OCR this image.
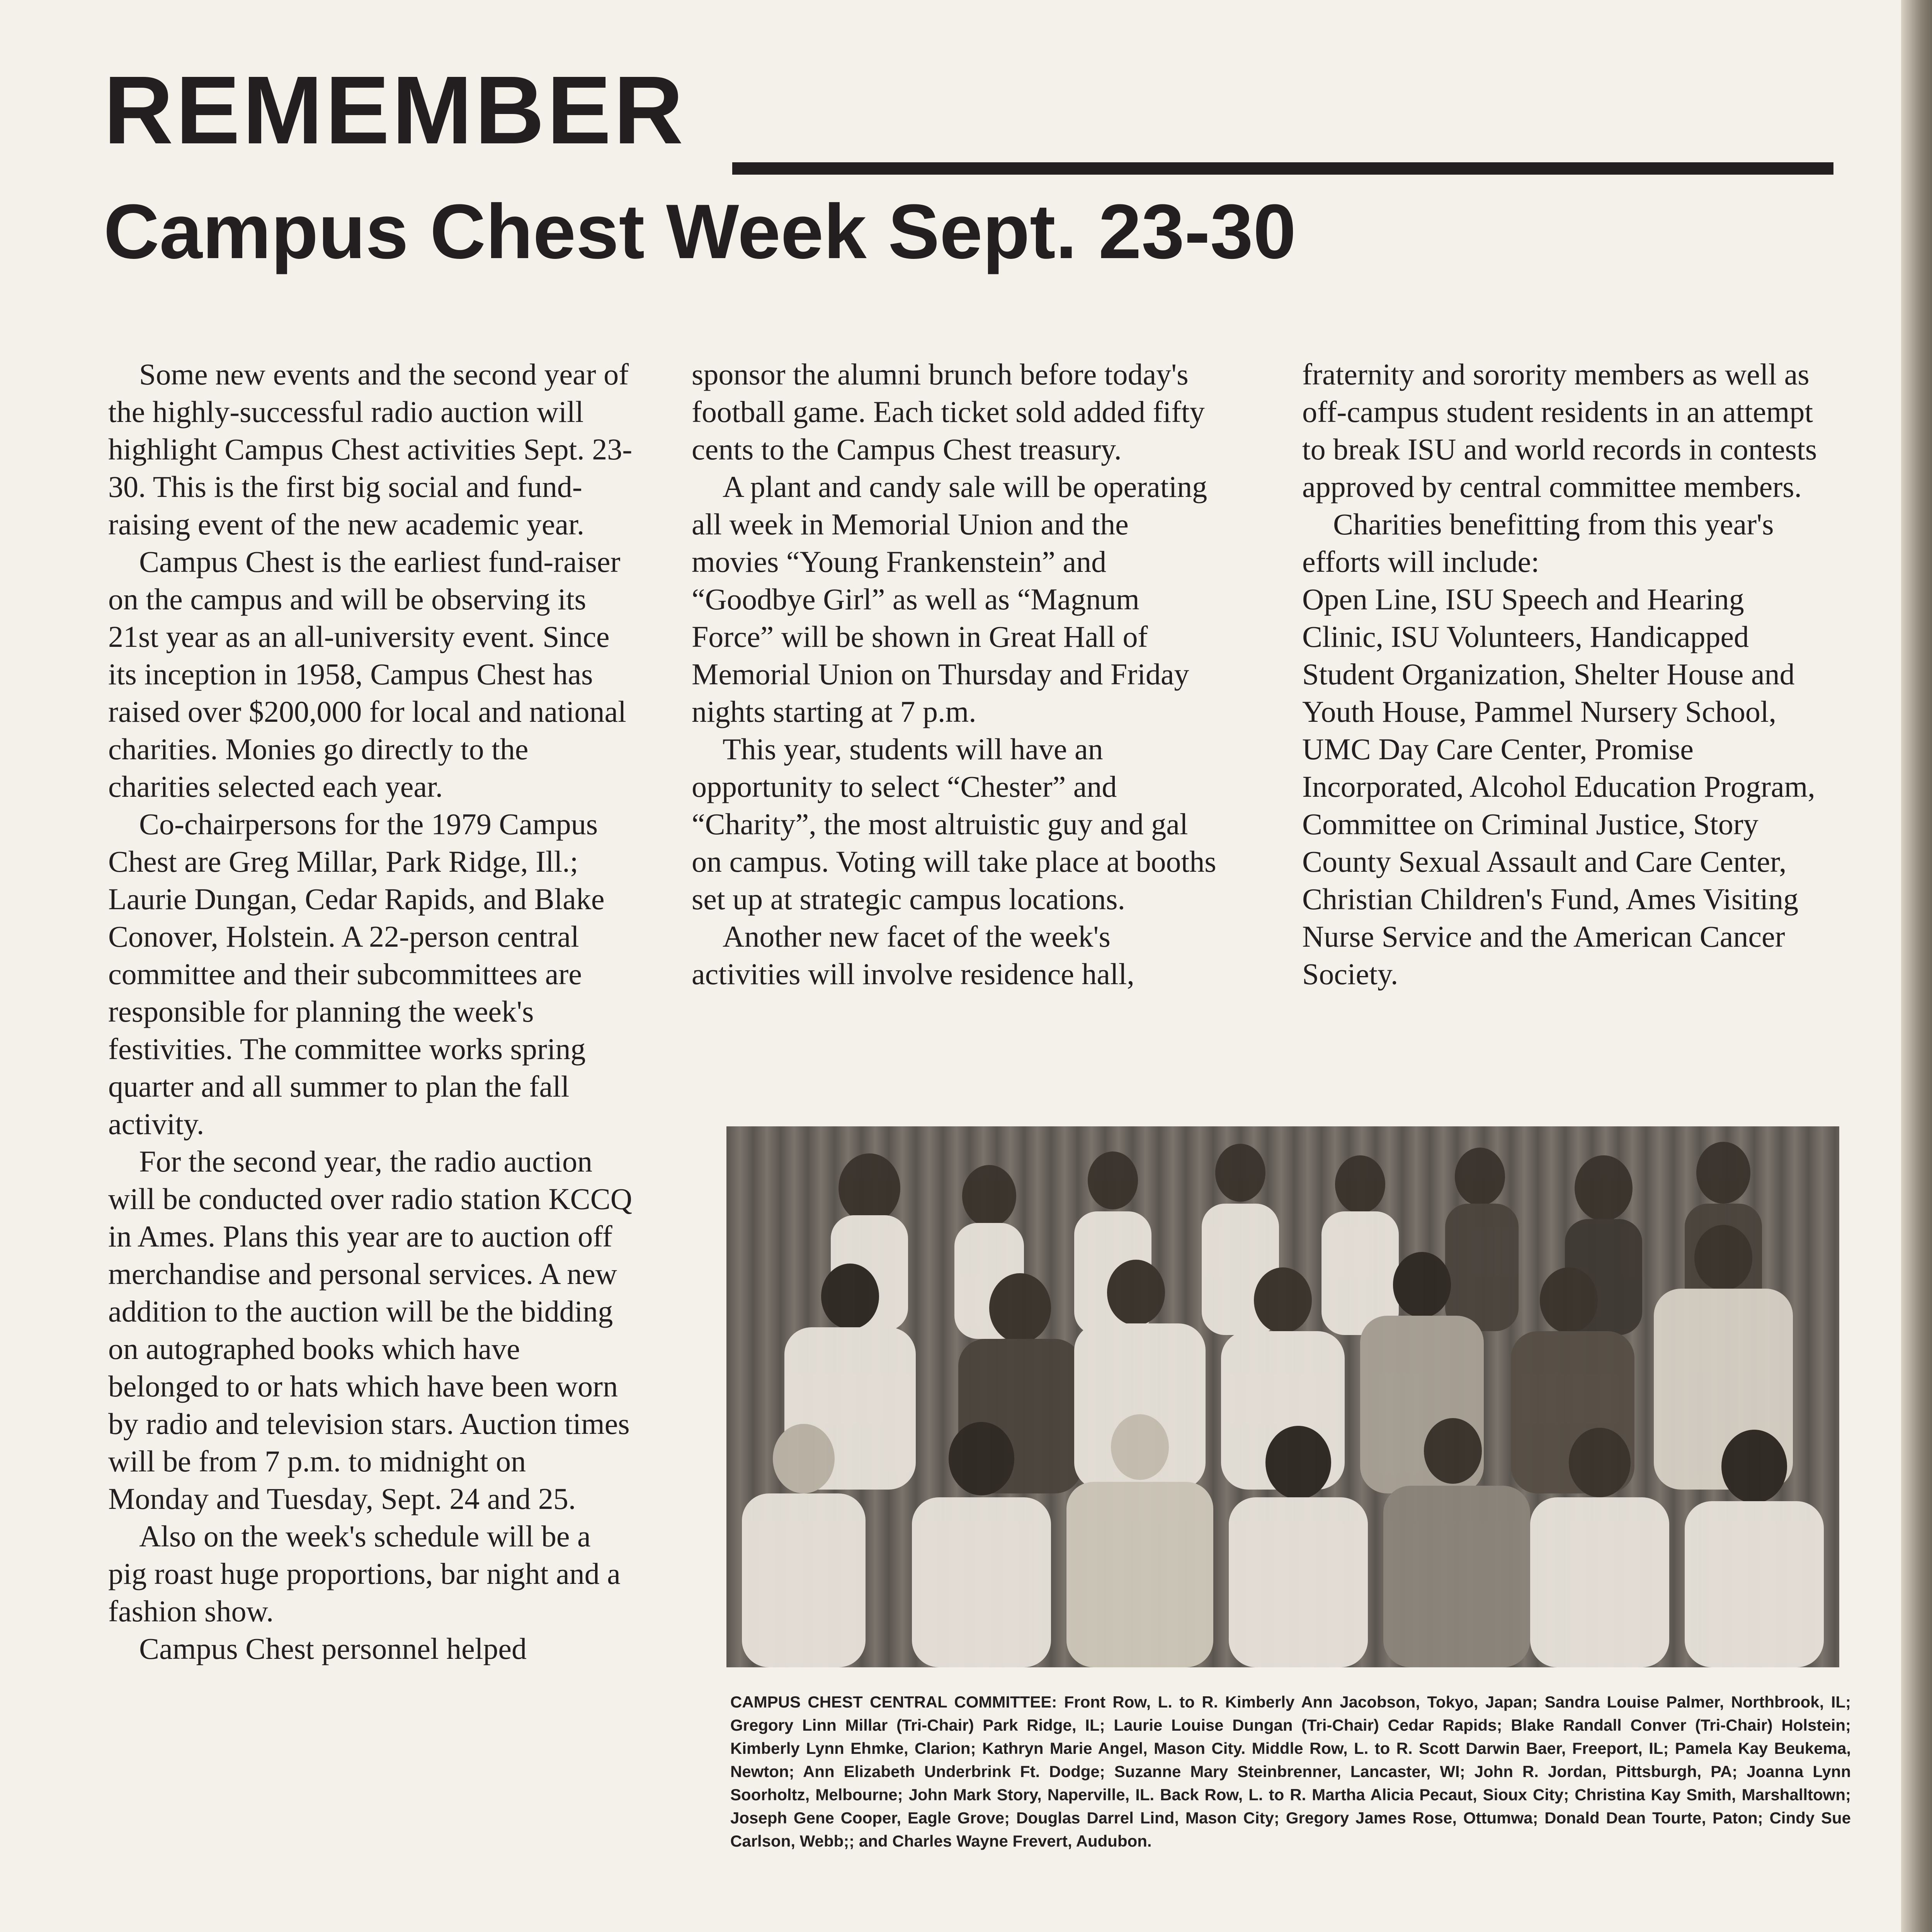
REMEMBER
Campus Chest Week Sept. 23-30

Some new events and the second year of the highly-successful radio auction will highlight Campus Chest activities Sept. 23-30. This is the first big social and fund-raising event of the new academic year.

Campus Chest is the earliest fund-raiser on the campus and will be observing its 21st year as an all-university event. Since its inception in 1958, Campus Chest has raised over $200,000 for local and national charities. Monies go directly to the charities selected each year.

Co-chairpersons for the 1979 Campus Chest are Greg Millar, Park Ridge, Ill.; Laurie Dungan, Cedar Rapids, and Blake Conover, Holstein. A 22-person central committee and their subcommittees are responsible for planning the week's festivities. The committee works spring quarter and all summer to plan the fall activity.

For the second year, the radio auction will be conducted over radio station KCCQ in Ames. Plans this year are to auction off merchandise and personal services. A new addition to the auction will be the bidding on autographed books which have belonged to or hats which have been worn by radio and television stars. Auction times will be from 7 p.m. to midnight on Monday and Tuesday, Sept. 24 and 25.

Also on the week's schedule will be a pig roast huge proportions, bar night and a fashion show.

Campus Chest personnel helped

sponsor the alumni brunch before today's football game. Each ticket sold added fifty cents to the Campus Chest treasury.

A plant and candy sale will be operating all week in Memorial Union and the movies “Young Frankenstein” and “Goodbye Girl” as well as “Magnum Force” will be shown in Great Hall of Memorial Union on Thursday and Friday nights starting at 7 p.m.

This year, students will have an opportunity to select “Chester” and “Charity”, the most altruistic guy and gal on campus. Voting will take place at booths set up at strategic campus locations.

Another new facet of the week's activities will involve residence hall,

fraternity and sorority members as well as off-campus student residents in an attempt to break ISU and world records in contests approved by central committee members.

Charities benefitting from this year's efforts will include:

Open Line, ISU Speech and Hearing Clinic, ISU Volunteers, Handicapped Student Organization, Shelter House and Youth House, Pammel Nursery School, UMC Day Care Center, Promise Incorporated, Alcohol Education Program, Committee on Criminal Justice, Story County Sexual Assault and Care Center, Christian Children's Fund, Ames Visiting Nurse Service and the American Cancer Society.

CAMPUS CHEST CENTRAL COMMITTEE: Front Row, L. to R. Kimberly Ann Jacobson, Tokyo, Japan; Sandra Louise Palmer, Northbrook, IL; Gregory Linn Millar (Tri-Chair) Park Ridge, IL; Laurie Louise Dungan (Tri-Chair) Cedar Rapids; Blake Randall Conver (Tri-Chair) Holstein; Kimberly Lynn Ehmke, Clarion; Kathryn Marie Angel, Mason City. Middle Row, L. to R. Scott Darwin Baer, Freeport, IL; Pamela Kay Beukema, Newton; Ann Elizabeth Underbrink Ft. Dodge; Suzanne Mary Steinbrenner, Lancaster, WI; John R. Jordan, Pittsburgh, PA; Joanna Lynn Soorholtz, Melbourne; John Mark Story, Naperville, IL. Back Row, L. to R. Martha Alicia Pecaut, Sioux City; Christina Kay Smith, Marshalltown; Joseph Gene Cooper, Eagle Grove; Douglas Darrel Lind, Mason City; Gregory James Rose, Ottumwa; Donald Dean Tourte, Paton; Cindy Sue Carlson, Webb;; and Charles Wayne Frevert, Audubon.
